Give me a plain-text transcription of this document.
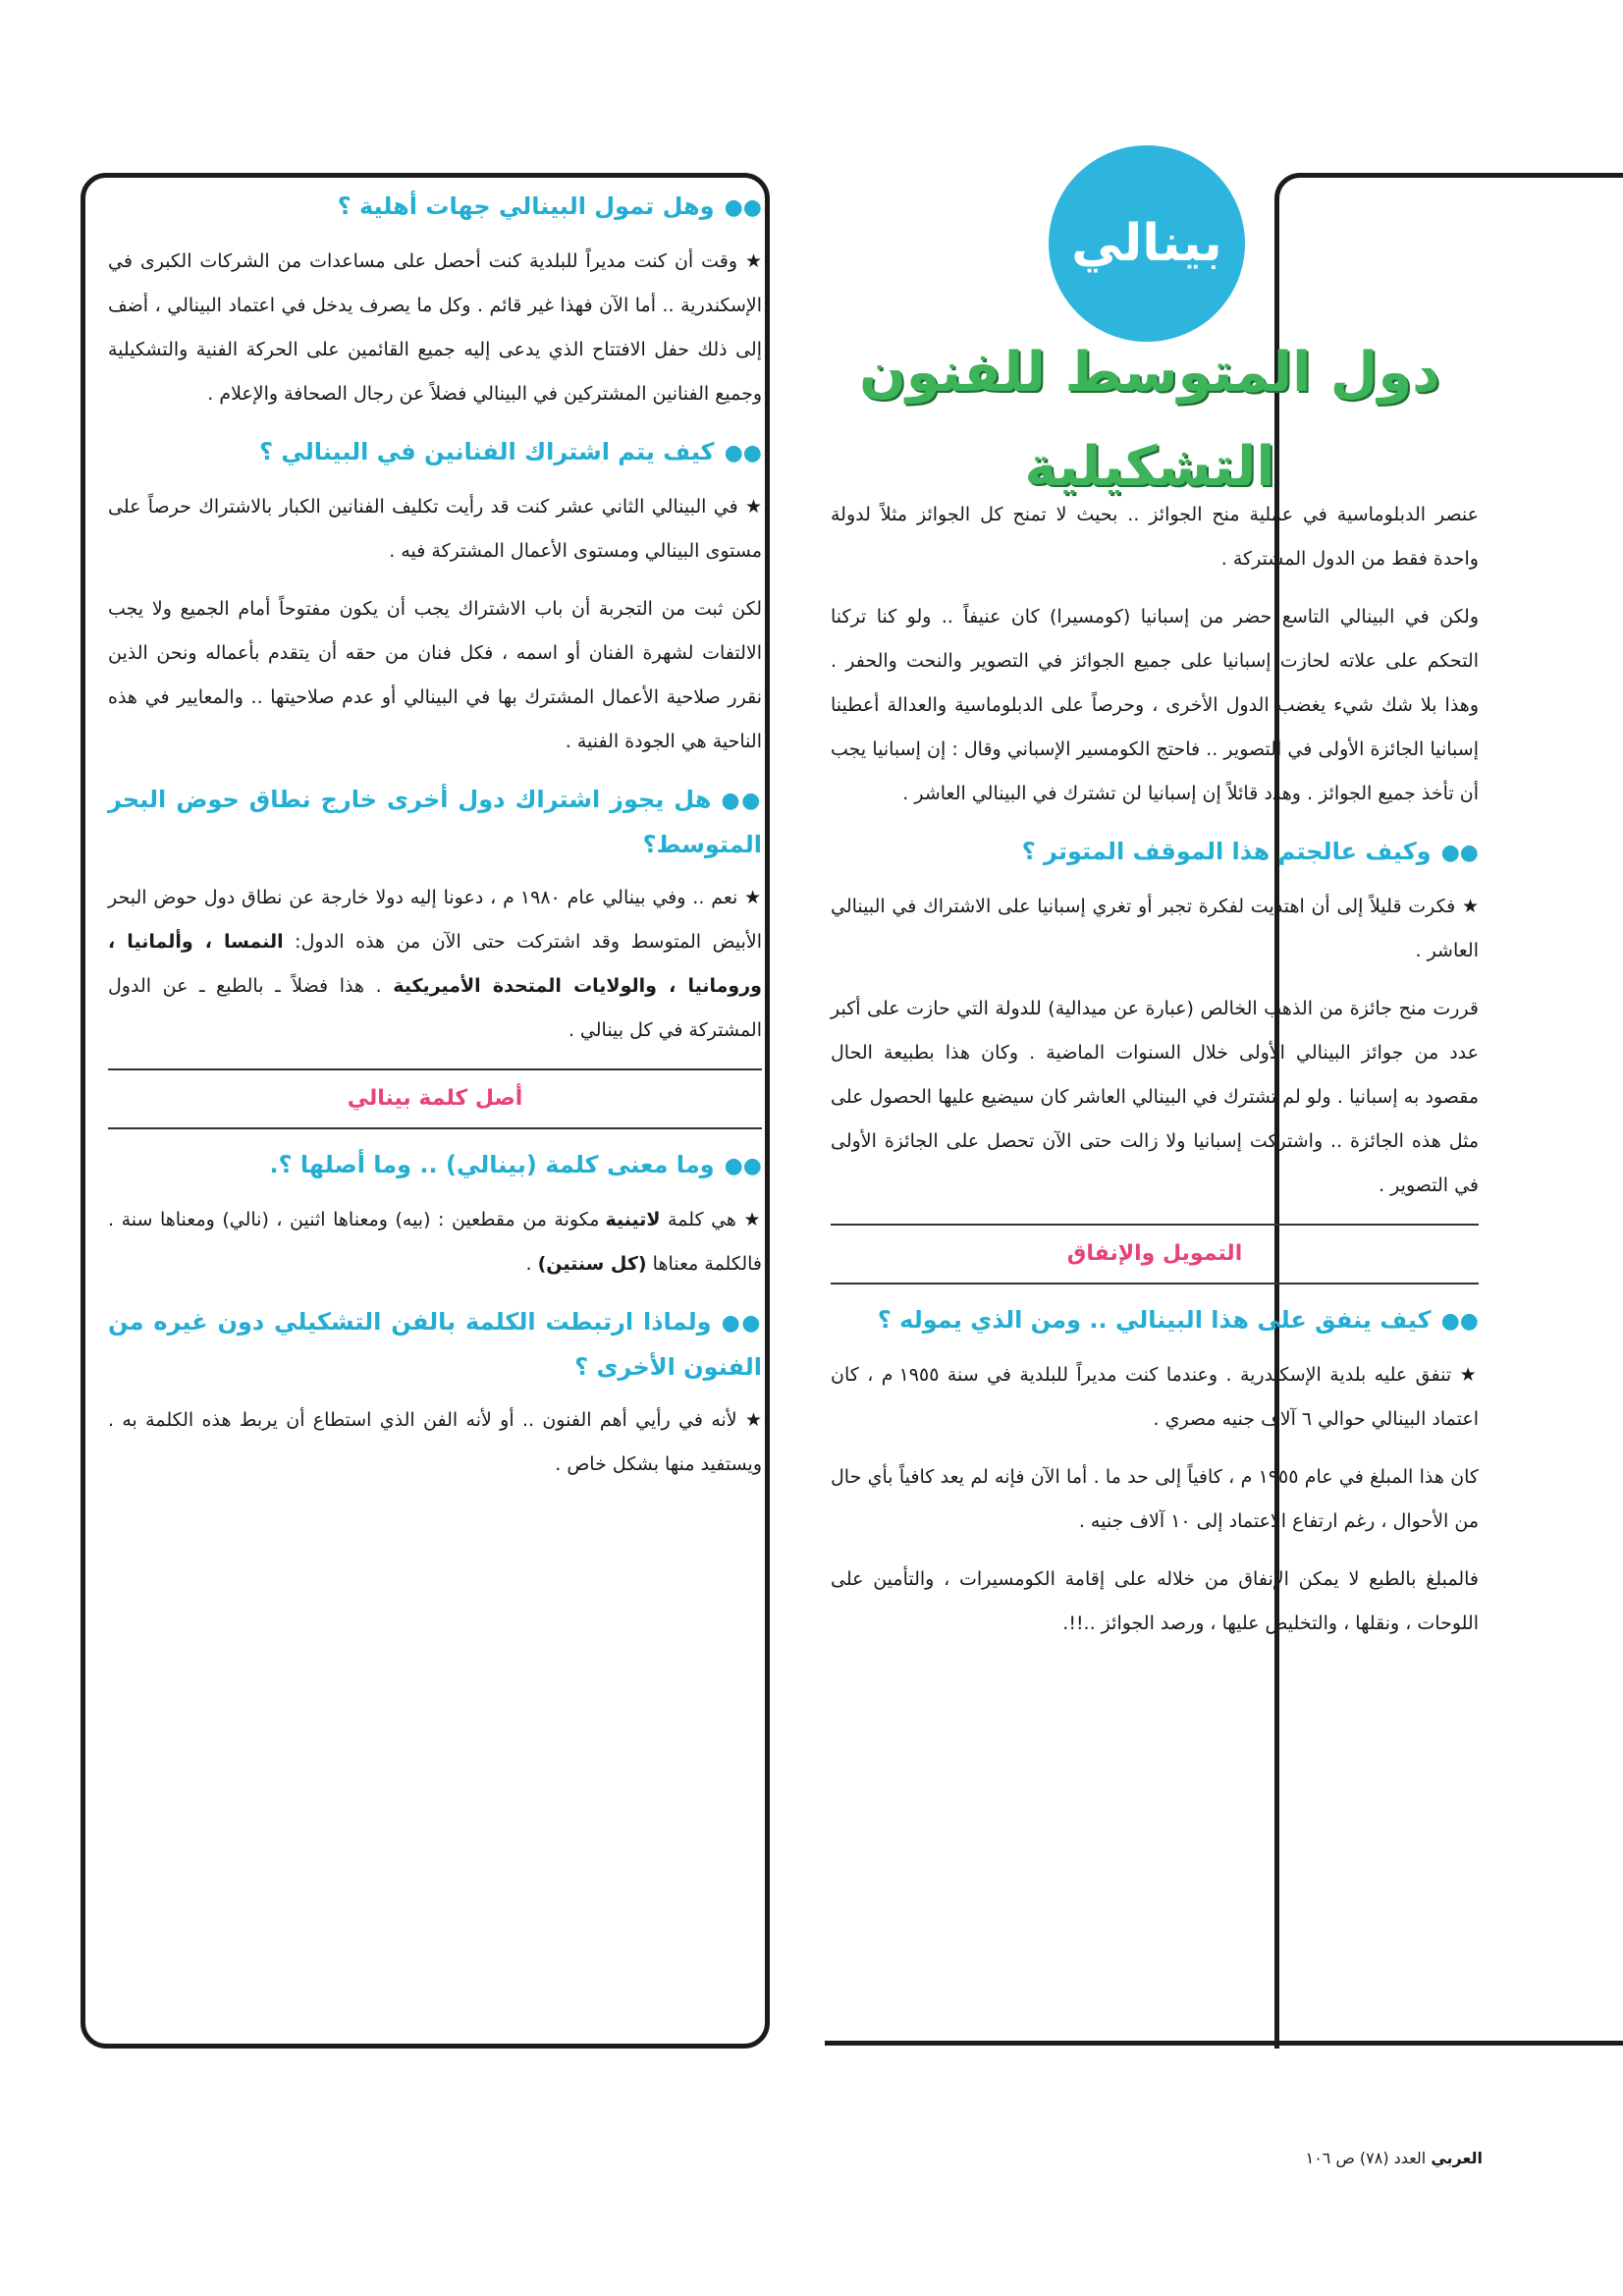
بينالي
دول المتوسط للفنون التشكيلية
●●وهل تمول البينالي جهات أهلية ؟

★ وقت أن كنت مديراً للبلدية كنت أحصل على مساعدات من الشركات الكبرى في الإسكندرية .. أما الآن فهذا غير قائم . وكل ما يصرف يدخل في اعتماد البينالي ، أضف إلى ذلك حفل الافتتاح الذي يدعى إليه جميع القائمين على الحركة الفنية والتشكيلية وجميع الفنانين المشتركين في البينالي فضلاً عن رجال الصحافة والإعلام .

●●كيف يتم اشتراك الفنانين في البينالي ؟

★ في البينالي الثاني عشر كنت قد رأيت تكليف الفنانين الكبار بالاشتراك حرصاً على مستوى البينالي ومستوى الأعمال المشتركة فيه .

لكن ثبت من التجربة أن باب الاشتراك يجب أن يكون مفتوحاً أمام الجميع ولا يجب الالتفات لشهرة الفنان أو اسمه ، فكل فنان من حقه أن يتقدم بأعماله ونحن الذين نقرر صلاحية الأعمال المشترك بها في البينالي أو عدم صلاحيتها .. والمعايير في هذه الناحية هي الجودة الفنية .

●●هل يجوز اشتراك دول أخرى خارج نطاق حوض البحر المتوسط؟

★ نعم .. وفي بينالي عام ١٩٨٠ م ، دعونا إليه دولا خارجة عن نطاق دول حوض البحر الأبيض المتوسط وقد اشتركت حتى الآن من هذه الدول: النمسا ، وألمانيا ، ورومانيا ، والولايات المتحدة الأميريكية . هذا فضلاً ـ بالطبع ـ عن الدول المشتركة في كل بينالي .

أصل كلمة بينالي
●●وما معنى كلمة (بينالي) .. وما أصلها ؟.

★ هي كلمة لاتينية مكونة من مقطعين : (بيه) ومعناها اثنين ، (نالي) ومعناها سنة . فالكلمة معناها (كل سنتين) .

●●ولماذا ارتبطت الكلمة بالفن التشكيلي دون غيره من الفنون الأخرى ؟

★ لأنه في رأيي أهم الفنون .. أو لأنه الفن الذي استطاع أن يربط هذه الكلمة به . ويستفيد منها بشكل خاص .

عنصر الدبلوماسية في عملية منح الجوائز .. بحيث لا تمنح كل الجوائز مثلاً لدولة واحدة فقط من الدول المشتركة .

ولكن في البينالي التاسع حضر من إسبانيا (كومسيرا) كان عنيفاً .. ولو كنا تركنا التحكم على علاته لحازت إسبانيا على جميع الجوائز في التصوير والنحت والحفر . وهذا بلا شك شيء يغضب الدول الأخرى ، وحرصاً على الدبلوماسية والعدالة أعطينا إسبانيا الجائزة الأولى في التصوير .. فاحتج الكومسير الإسباني وقال : إن إسبانيا يجب أن تأخذ جميع الجوائز . وهدد قائلاً إن إسبانيا لن تشترك في البينالي العاشر .

●●وكيف عالجتم هذا الموقف المتوتر ؟

★ فكرت قليلاً إلى أن اهتديت لفكرة تجبر أو تغري إسبانيا على الاشتراك في البينالي العاشر .

قررت منح جائزة من الذهب الخالص (عبارة عن ميدالية) للدولة التي حازت على أكبر عدد من جوائز البينالي الأولى خلال السنوات الماضية . وكان هذا بطبيعة الحال مقصود به إسبانيا . ولو لم تشترك في البينالي العاشر كان سيضيع عليها الحصول على مثل هذه الجائزة .. واشتركت إسبانيا ولا زالت حتى الآن تحصل على الجائزة الأولى في التصوير .

التمويل والإنفاق
●●كيف ينفق على هذا البينالي .. ومن الذي يموله ؟

★ تنفق عليه بلدية الإسكندرية . وعندما كنت مديراً للبلدية في سنة ١٩٥٥ م ، كان اعتماد البينالي حوالي ٦ آلاف جنيه مصري .

كان هذا المبلغ في عام ١٩٥٥ م ، كافياً إلى حد ما . أما الآن فإنه لم يعد كافياً بأي حال من الأحوال ، رغم ارتفاع الاعتماد إلى ١٠ آلاف جنيه .

فالمبلغ بالطبع لا يمكن الإنفاق من خلاله على إقامة الكومسيرات ، والتأمين على اللوحات ، ونقلها ، والتخليص عليها ، ورصد الجوائز ..!!.

العربي العدد (٧٨) ص ١٠٦
